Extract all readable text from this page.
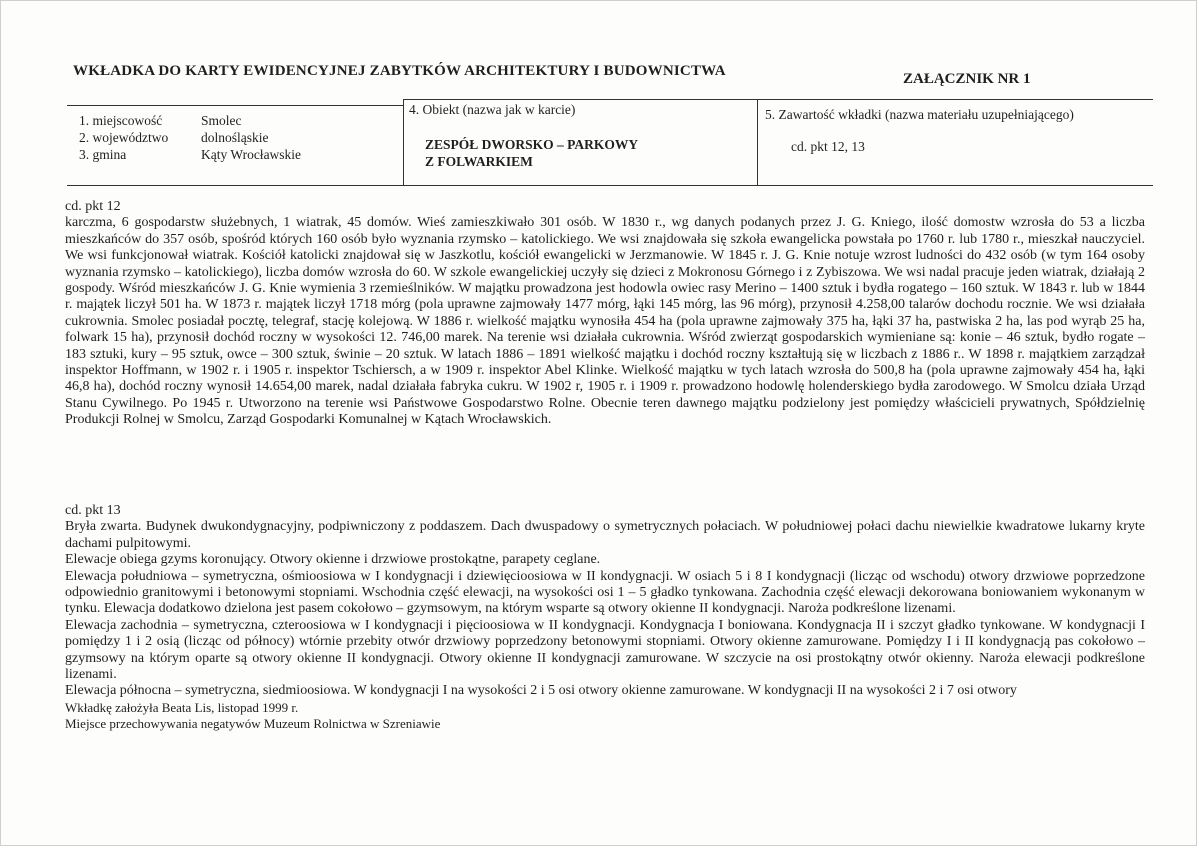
WKŁADKA DO KARTY EWIDENCYJNEJ ZABYTKÓW ARCHITEKTURY I BUDOWNICTWA	ZAŁĄCZNIK NR 1
1. miejscowość
2. województwo
3. gmina
Smolec
dolnośląskie
Kąty Wrocławskie
4. Obiekt (nazwa jak w karcie)
ZESPÓŁ DWORSKO – PARKOWY
Z FOLWARKIEM
5. Zawartość wkładki (nazwa materiału uzupełniającego)
cd. pkt 12, 13

cd. pkt 12

karczma, 6 gospodarstw służebnych, 1 wiatrak, 45 domów. Wieś zamieszkiwało 301 osób. W 1830 r., wg danych podanych przez J. G. Kniego, ilość domostw wzrosła do 53 a liczba mieszkańców do 357 osób, spośród których 160 osób było wyznania rzymsko – katolickiego. We wsi znajdowała się szkoła ewangelicka powstała po 1760 r. lub 1780 r., mieszkał nauczyciel. We wsi funkcjonował wiatrak. Kościół katolicki znajdował się w Jaszkotlu, kościół ewangelicki w Jerzmanowie. W 1845 r. J. G. Knie notuje wzrost ludności do 432 osób (w tym 164 osoby wyznania rzymsko – katolickiego), liczba domów wzrosła do 60. W szkole ewangelickiej uczyły się dzieci z Mokronosu Górnego i z Zybiszowa. We wsi nadal pracuje jeden wiatrak, działają 2 gospody. Wśród mieszkańców J. G. Knie wymienia 3 rzemieślników. W majątku prowadzona jest hodowla owiec rasy Merino – 1400 sztuk i bydła rogatego – 160 sztuk. W 1843 r. lub w 1844 r. majątek liczył 501 ha. W 1873 r. majątek liczył 1718 mórg (pola uprawne zajmowały 1477 mórg, łąki 145 mórg, las 96 mórg), przynosił 4.258,00 talarów dochodu rocznie. We wsi działała cukrownia. Smolec posiadał pocztę, telegraf, stację kolejową. W 1886 r. wielkość majątku wynosiła 454 ha (pola uprawne zajmowały 375 ha, łąki 37 ha, pastwiska 2 ha, las pod wyrąb 25 ha, folwark 15 ha), przynosił dochód roczny w wysokości 12. 746,00 marek. Na terenie wsi działała cukrownia. Wśród zwierząt gospodarskich wymieniane są: konie – 46 sztuk, bydło rogate – 183 sztuki, kury – 95 sztuk, owce – 300 sztuk, świnie – 20 sztuk. W latach 1886 – 1891 wielkość majątku i dochód roczny kształtują się w liczbach z 1886 r.. W 1898 r. majątkiem zarządzał inspektor Hoffmann, w 1902 r. i 1905 r. inspektor Tschiersch, a w 1909 r. inspektor Abel Klinke. Wielkość majątku w tych latach wzrosła do 500,8 ha (pola uprawne zajmowały 454 ha, łąki 46,8 ha), dochód roczny wynosił 14.654,00 marek, nadal działała fabryka cukru. W 1902 r, 1905 r. i 1909 r. prowadzono hodowlę holenderskiego bydła zarodowego. W Smolcu działa Urząd Stanu Cywilnego. Po 1945 r. Utworzono na terenie wsi Państwowe Gospodarstwo Rolne. Obecnie teren dawnego majątku podzielony jest pomiędzy właścicieli prywatnych, Spółdzielnię Produkcji Rolnej w Smolcu, Zarząd Gospodarki Komunalnej w Kątach Wrocławskich.

cd. pkt 13

Bryła zwarta. Budynek dwukondygnacyjny, podpiwniczony z poddaszem. Dach dwuspadowy o symetrycznych połaciach. W południowej połaci dachu niewielkie kwadratowe lukarny kryte dachami pulpitowymi.

Elewacje obiega gzyms koronujący. Otwory okienne i drzwiowe prostokątne, parapety ceglane.

Elewacja południowa – symetryczna, ośmioosiowa w I kondygnacji i dziewięcioosiowa w II kondygnacji. W osiach 5 i 8 I kondygnacji (licząc od wschodu) otwory drzwiowe poprzedzone odpowiednio granitowymi i betonowymi stopniami. Wschodnia część elewacji, na wysokości osi 1 – 5 gładko tynkowana. Zachodnia część elewacji dekorowana boniowaniem wykonanym w tynku. Elewacja dodatkowo dzielona jest pasem cokołowo – gzymsowym, na którym wsparte są otwory okienne II kondygnacji. Naroża podkreślone lizenami.

Elewacja zachodnia – symetryczna, czteroosiowa w I kondygnacji i pięcioosiowa w II kondygnacji. Kondygnacja I boniowana. Kondygnacja II i szczyt gładko tynkowane. W kondygnacji I pomiędzy 1 i 2 osią (licząc od północy) wtórnie przebity otwór drzwiowy poprzedzony betonowymi stopniami. Otwory okienne zamurowane. Pomiędzy I i II kondygnacją pas cokołowo – gzymsowy na którym oparte są otwory okienne II kondygnacji. Otwory okienne II kondygnacji zamurowane. W szczycie na osi prostokątny otwór okienny. Naroża elewacji podkreślone lizenami.

Elewacja północna – symetryczna, siedmioosiowa. W kondygnacji I na wysokości 2 i 5 osi otwory okienne zamurowane. W kondygnacji II na wysokości 2 i 7 osi otwory

Wkładkę założyła Beata Lis, listopad 1999 r.

Miejsce przechowywania negatywów Muzeum Rolnictwa w Szreniawie
